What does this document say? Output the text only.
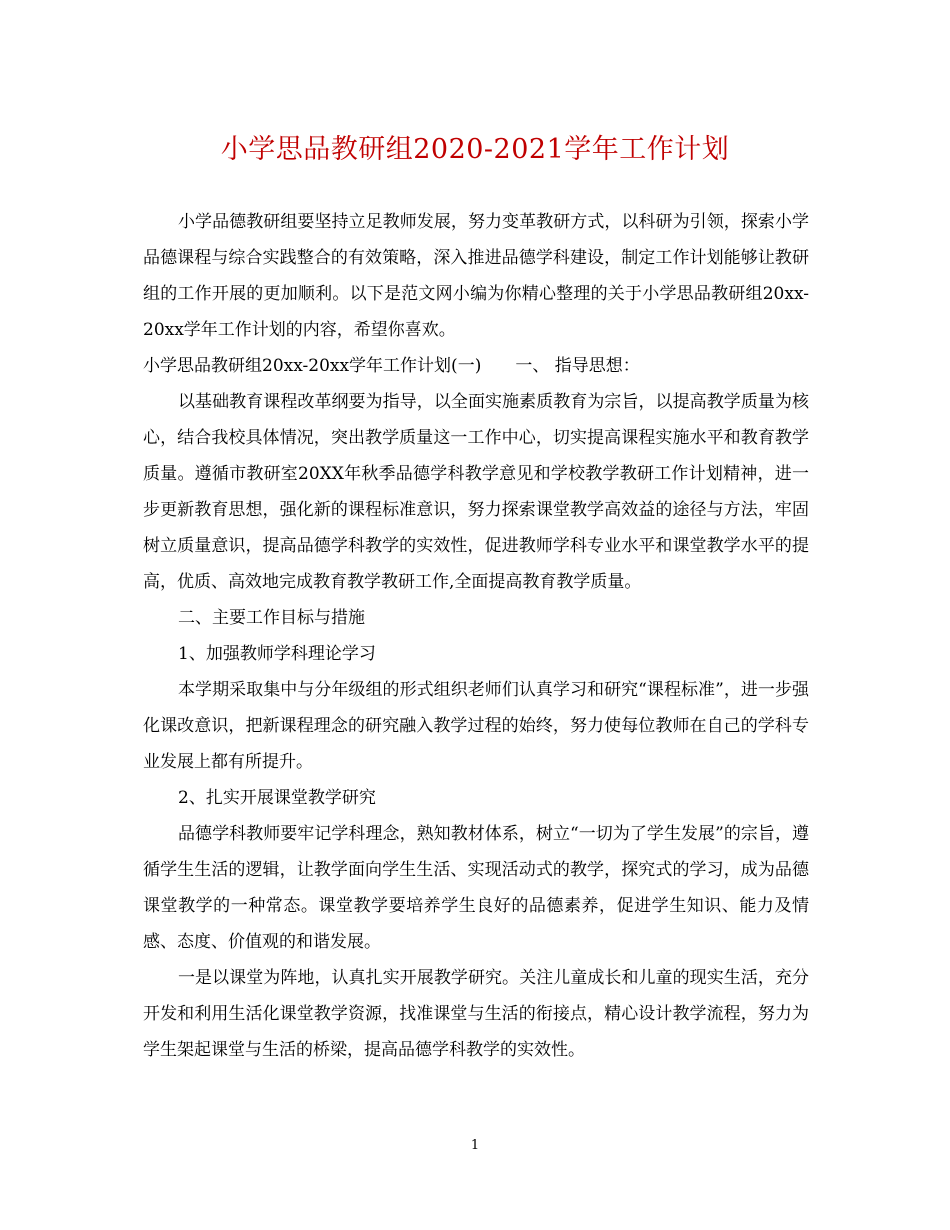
小学思品教研组2020-2021学年工作计划

小学品德教研组要坚持立足教师发展，努力变革教研方式，以科研为引领，探索小学品德课程与综合实践整合的有效策略，深入推进品德学科建设，制定工作计划能够让教研组的工作开展的更加顺利。以下是范文网小编为你精心整理的关于小学思品教研组20xx-20xx学年工作计划的内容，希望你喜欢。

小学思品教研组20xx-20xx学年工作计划(一)　　一、 指导思想：

以基础教育课程改革纲要为指导，以全面实施素质教育为宗旨，以提高教学质量为核心，结合我校具体情况，突出教学质量这一工作中心，切实提高课程实施水平和教育教学质量。遵循市教研室20XX年秋季品德学科教学意见和学校教学教研工作计划精神，进一步更新教育思想，强化新的课程标准意识，努力探索课堂教学高效益的途径与方法，牢固树立质量意识，提高品德学科教学的实效性，促进教师学科专业水平和课堂教学水平的提高，优质、高效地完成教育教学教研工作,全面提高教育教学质量。

二、主要工作目标与措施

1、加强教师学科理论学习

本学期采取集中与分年级组的形式组织老师们认真学习和研究“课程标准”，进一步强化课改意识，把新课程理念的研究融入教学过程的始终，努力使每位教师在自己的学科专业发展上都有所提升。

2、扎实开展课堂教学研究

品德学科教师要牢记学科理念，熟知教材体系，树立“一切为了学生发展”的宗旨，遵循学生生活的逻辑，让教学面向学生生活、实现活动式的教学，探究式的学习，成为品德课堂教学的一种常态。课堂教学要培养学生良好的品德素养，促进学生知识、能力及情感、态度、价值观的和谐发展。

一是以课堂为阵地，认真扎实开展教学研究。关注儿童成长和儿童的现实生活，充分开发和利用生活化课堂教学资源，找准课堂与生活的衔接点，精心设计教学流程，努力为学生架起课堂与生活的桥梁，提高品德学科教学的实效性。

1
